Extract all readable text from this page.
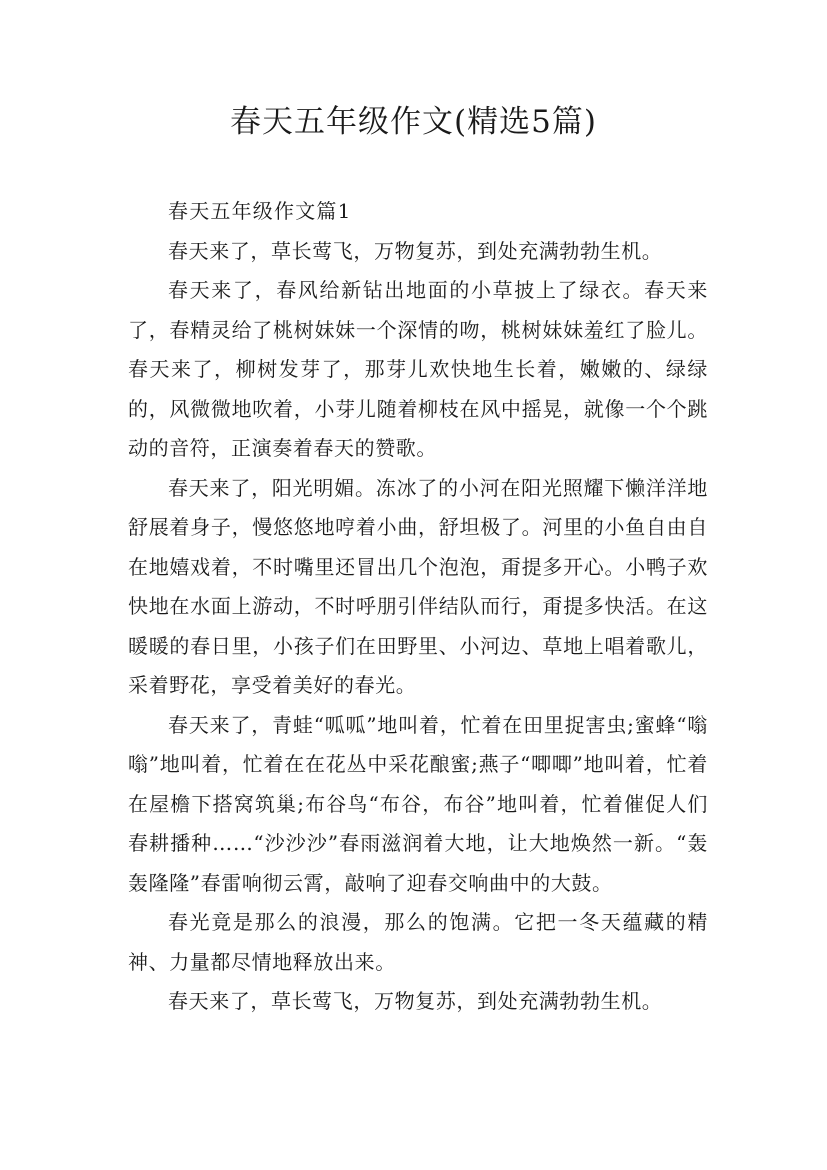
春天五年级作文(精选5篇)

春天五年级作文篇1

春天来了，草长莺飞，万物复苏，到处充满勃勃生机。

春天来了，春风给新钻出地面的小草披上了绿衣。春天来了，春精灵给了桃树妹妹一个深情的吻，桃树妹妹羞红了脸儿。春天来了，柳树发芽了，那芽儿欢快地生长着，嫩嫩的、绿绿的，风微微地吹着，小芽儿随着柳枝在风中摇晃，就像一个个跳动的音符，正演奏着春天的赞歌。

春天来了，阳光明媚。冻冰了的小河在阳光照耀下懒洋洋地舒展着身子，慢悠悠地哼着小曲，舒坦极了。河里的小鱼自由自在地嬉戏着，不时嘴里还冒出几个泡泡，甭提多开心。小鸭子欢快地在水面上游动，不时呼朋引伴结队而行，甭提多快活。在这暖暖的春日里，小孩子们在田野里、小河边、草地上唱着歌儿，采着野花，享受着美好的春光。

春天来了，青蛙“呱呱”地叫着，忙着在田里捉害虫;蜜蜂“嗡嗡”地叫着，忙着在在花丛中采花酿蜜;燕子“唧唧”地叫着，忙着在屋檐下搭窝筑巢;布谷鸟“布谷，布谷”地叫着，忙着催促人们春耕播种……“沙沙沙”春雨滋润着大地，让大地焕然一新。“轰轰隆隆”春雷响彻云霄，敲响了迎春交响曲中的大鼓。

春光竟是那么的浪漫，那么的饱满。它把一冬天蕴藏的精神、力量都尽情地释放出来。

春天来了，草长莺飞，万物复苏，到处充满勃勃生机。
